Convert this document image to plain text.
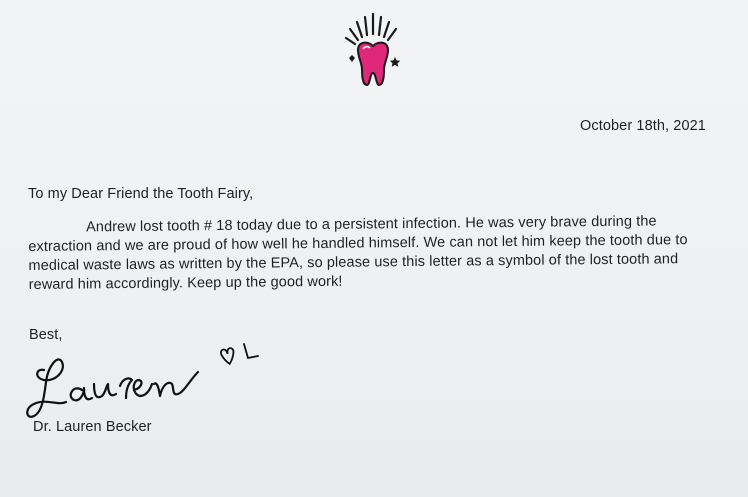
October 18th, 2021
To my Dear Friend the Tooth Fairy,
Andrew lost tooth # 18 today due to a persistent infection. He was very brave during the extraction and we are proud of how well he handled himself. We can not let him keep the tooth due to medical waste laws as written by the EPA, so please use this letter as a symbol of the lost tooth and reward him accordingly. Keep up the good work!
Best,
Dr. Lauren Becker
